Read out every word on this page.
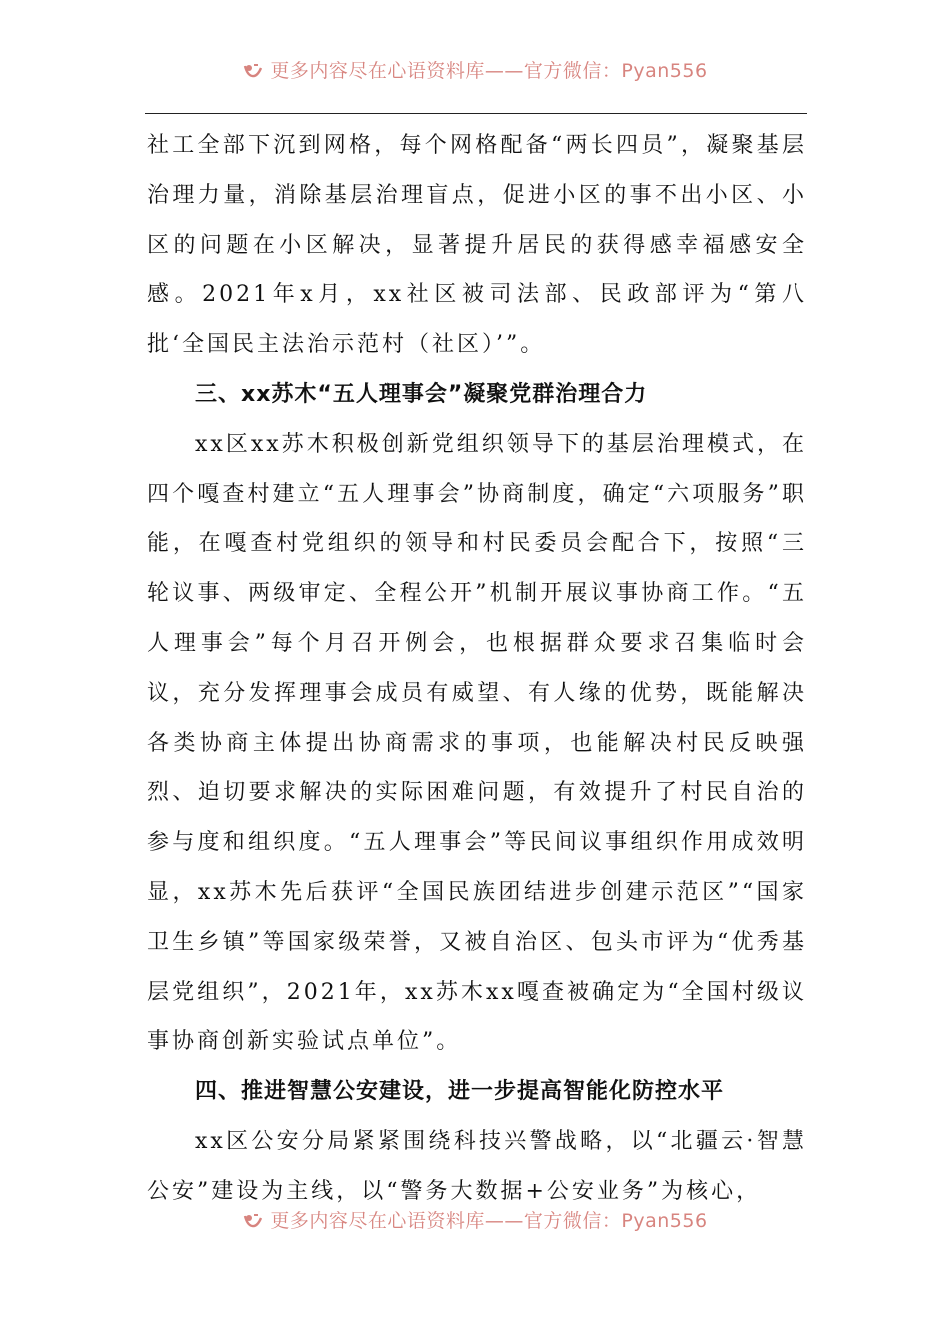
更多内容尽在心语资料库——官方微信：Pyan556

社工全部下沉到网格，每个网格配备“两长四员”，凝聚基层治理力量，消除基层治理盲点，促进小区的事不出小区、小区的问题在小区解决，显著提升居民的获得感幸福感安全感。2021年x月，xx社区被司法部、民政部评为“第八批‘全国民主法治示范村（社区）’”。

三、xx苏木“五人理事会”凝聚党群治理合力

xx区xx苏木积极创新党组织领导下的基层治理模式，在四个嘎查村建立“五人理事会”协商制度，确定“六项服务”职能，在嘎查村党组织的领导和村民委员会配合下，按照“三轮议事、两级审定、全程公开”机制开展议事协商工作。“五人理事会”每个月召开例会，也根据群众要求召集临时会议，充分发挥理事会成员有威望、有人缘的优势，既能解决各类协商主体提出协商需求的事项，也能解决村民反映强烈、迫切要求解决的实际困难问题，有效提升了村民自治的参与度和组织度。“五人理事会”等民间议事组织作用成效明显，xx苏木先后获评“全国民族团结进步创建示范区”“国家卫生乡镇”等国家级荣誉，又被自治区、包头市评为“优秀基层党组织”，2021年，xx苏木xx嘎查被确定为“全国村级议事协商创新实验试点单位”。

四、推进智慧公安建设，进一步提高智能化防控水平

xx区公安分局紧紧围绕科技兴警战略，以“北疆云·智慧公安”建设为主线，以“警务大数据+公安业务”为核心，

更多内容尽在心语资料库——官方微信：Pyan556
